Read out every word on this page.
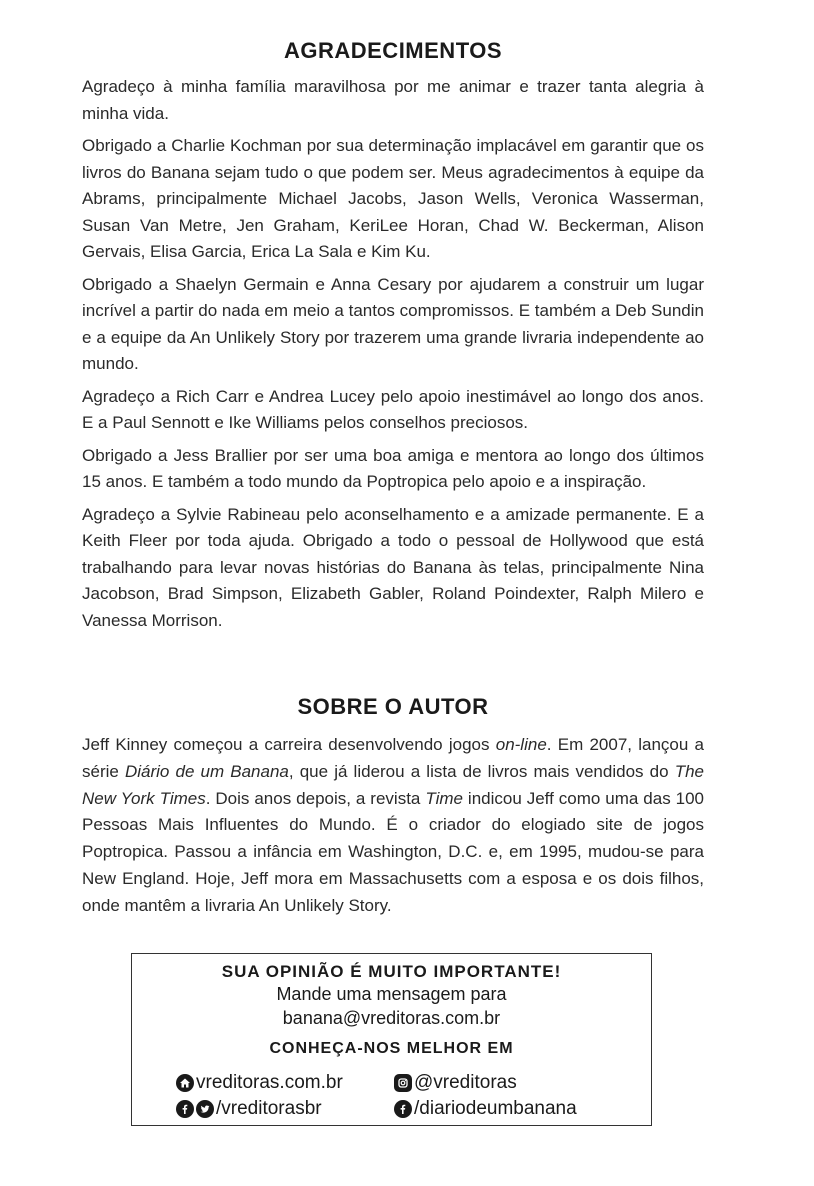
AGRADECIMENTOS

Agradeço à minha família maravilhosa por me animar e trazer tanta alegria à minha vida.

Obrigado a Charlie Kochman por sua determinação implacável em garantir que os livros do Banana sejam tudo o que podem ser. Meus agradecimentos à equipe da Abrams, principalmente Michael Jacobs, Jason Wells, Veronica Wasserman, Susan Van Metre, Jen Graham, KeriLee Horan, Chad W. Beckerman, Alison Gervais, Elisa Garcia, Erica La Sala e Kim Ku.

Obrigado a Shaelyn Germain e Anna Cesary por ajudarem a construir um lugar incrível a partir do nada em meio a tantos compromissos. E também a Deb Sundin e a equipe da An Unlikely Story por trazerem uma grande livraria independente ao mundo.

Agradeço a Rich Carr e Andrea Lucey pelo apoio inestimável ao longo dos anos. E a Paul Sennott e Ike Williams pelos conselhos preciosos.

Obrigado a Jess Brallier por ser uma boa amiga e mentora ao longo dos últimos 15 anos. E também a todo mundo da Poptropica pelo apoio e a inspiração.

Agradeço a Sylvie Rabineau pelo aconselhamento e a amizade permanente. E a Keith Fleer por toda ajuda. Obrigado a todo o pessoal de Hollywood que está trabalhando para levar novas histórias do Banana às telas, principalmente Nina Jacobson, Brad Simpson, Elizabeth Gabler, Roland Poindexter, Ralph Milero e Vanessa Morrison.

SOBRE O AUTOR

Jeff Kinney começou a carreira desenvolvendo jogos on-line. Em 2007, lançou a série Diário de um Banana, que já liderou a lista de livros mais vendidos do The New York Times. Dois anos depois, a revista Time indicou Jeff como uma das 100 Pessoas Mais Influentes do Mundo. É o criador do elogiado site de jogos Poptropica. Passou a infância em Washington, D.C. e, em 1995, mudou-se para New England. Hoje, Jeff mora em Massachusetts com a esposa e os dois filhos, onde mantêm a livraria An Unlikely Story.

SUA OPINIÃO É MUITO IMPORTANTE!
Mande uma mensagem para
banana@vreditoras.com.br
CONHEÇA-NOS MELHOR EM
vreditoras.com.br	@vreditoras
/vreditorasbr	/diariodeumbanana
